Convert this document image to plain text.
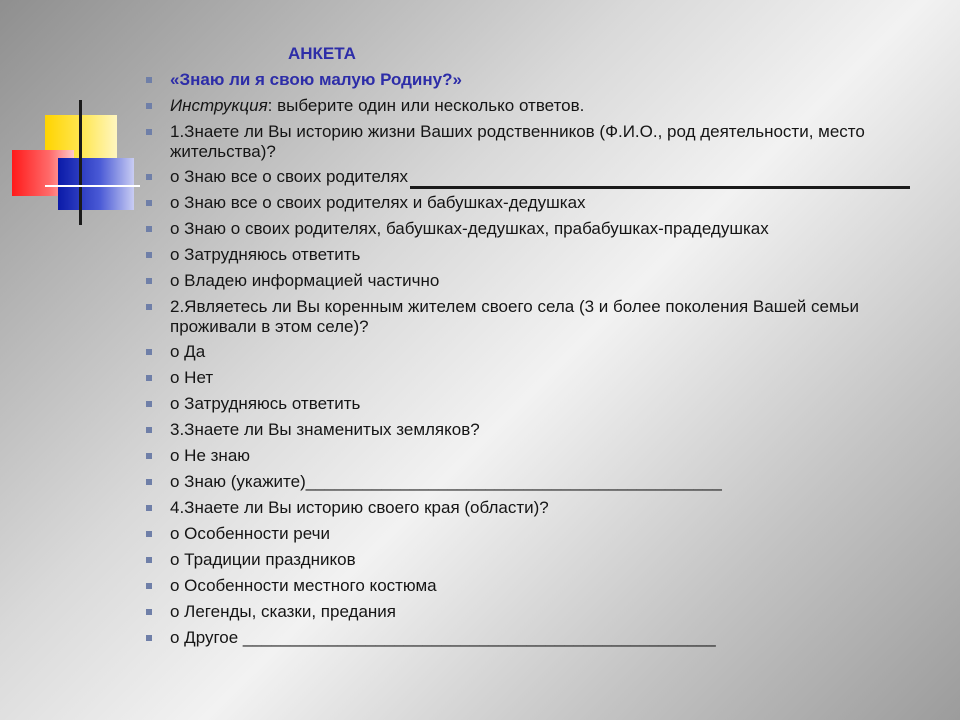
АНКЕТА

«Знаю ли я свою малую Родину?»
Инструкция: выберите один или несколько ответов.
1.Знаете ли Вы историю жизни Ваших родственников (Ф.И.О., род деятельности, место жительства)?
о Знаю все о своих родителях
о Знаю все о своих родителях и бабушках-дедушках
о Знаю о своих родителях, бабушках-дедушках, прабабушках-прадедушках
о Затрудняюсь ответить
о Владею информацией частично
2.Являетесь ли Вы коренным жителем своего села (3 и более поколения Вашей семьи проживали в этом селе)?
о Да
о Нет
о Затрудняюсь ответить
3.Знаете ли Вы знаменитых земляков?
о Не знаю
о Знаю (укажите)____________________________________________
4.Знаете ли Вы историю своего края (области)?
о Особенности речи
о Традиции праздников
о Особенности местного костюма
о Легенды, сказки, предания
о Другое __________________________________________________
